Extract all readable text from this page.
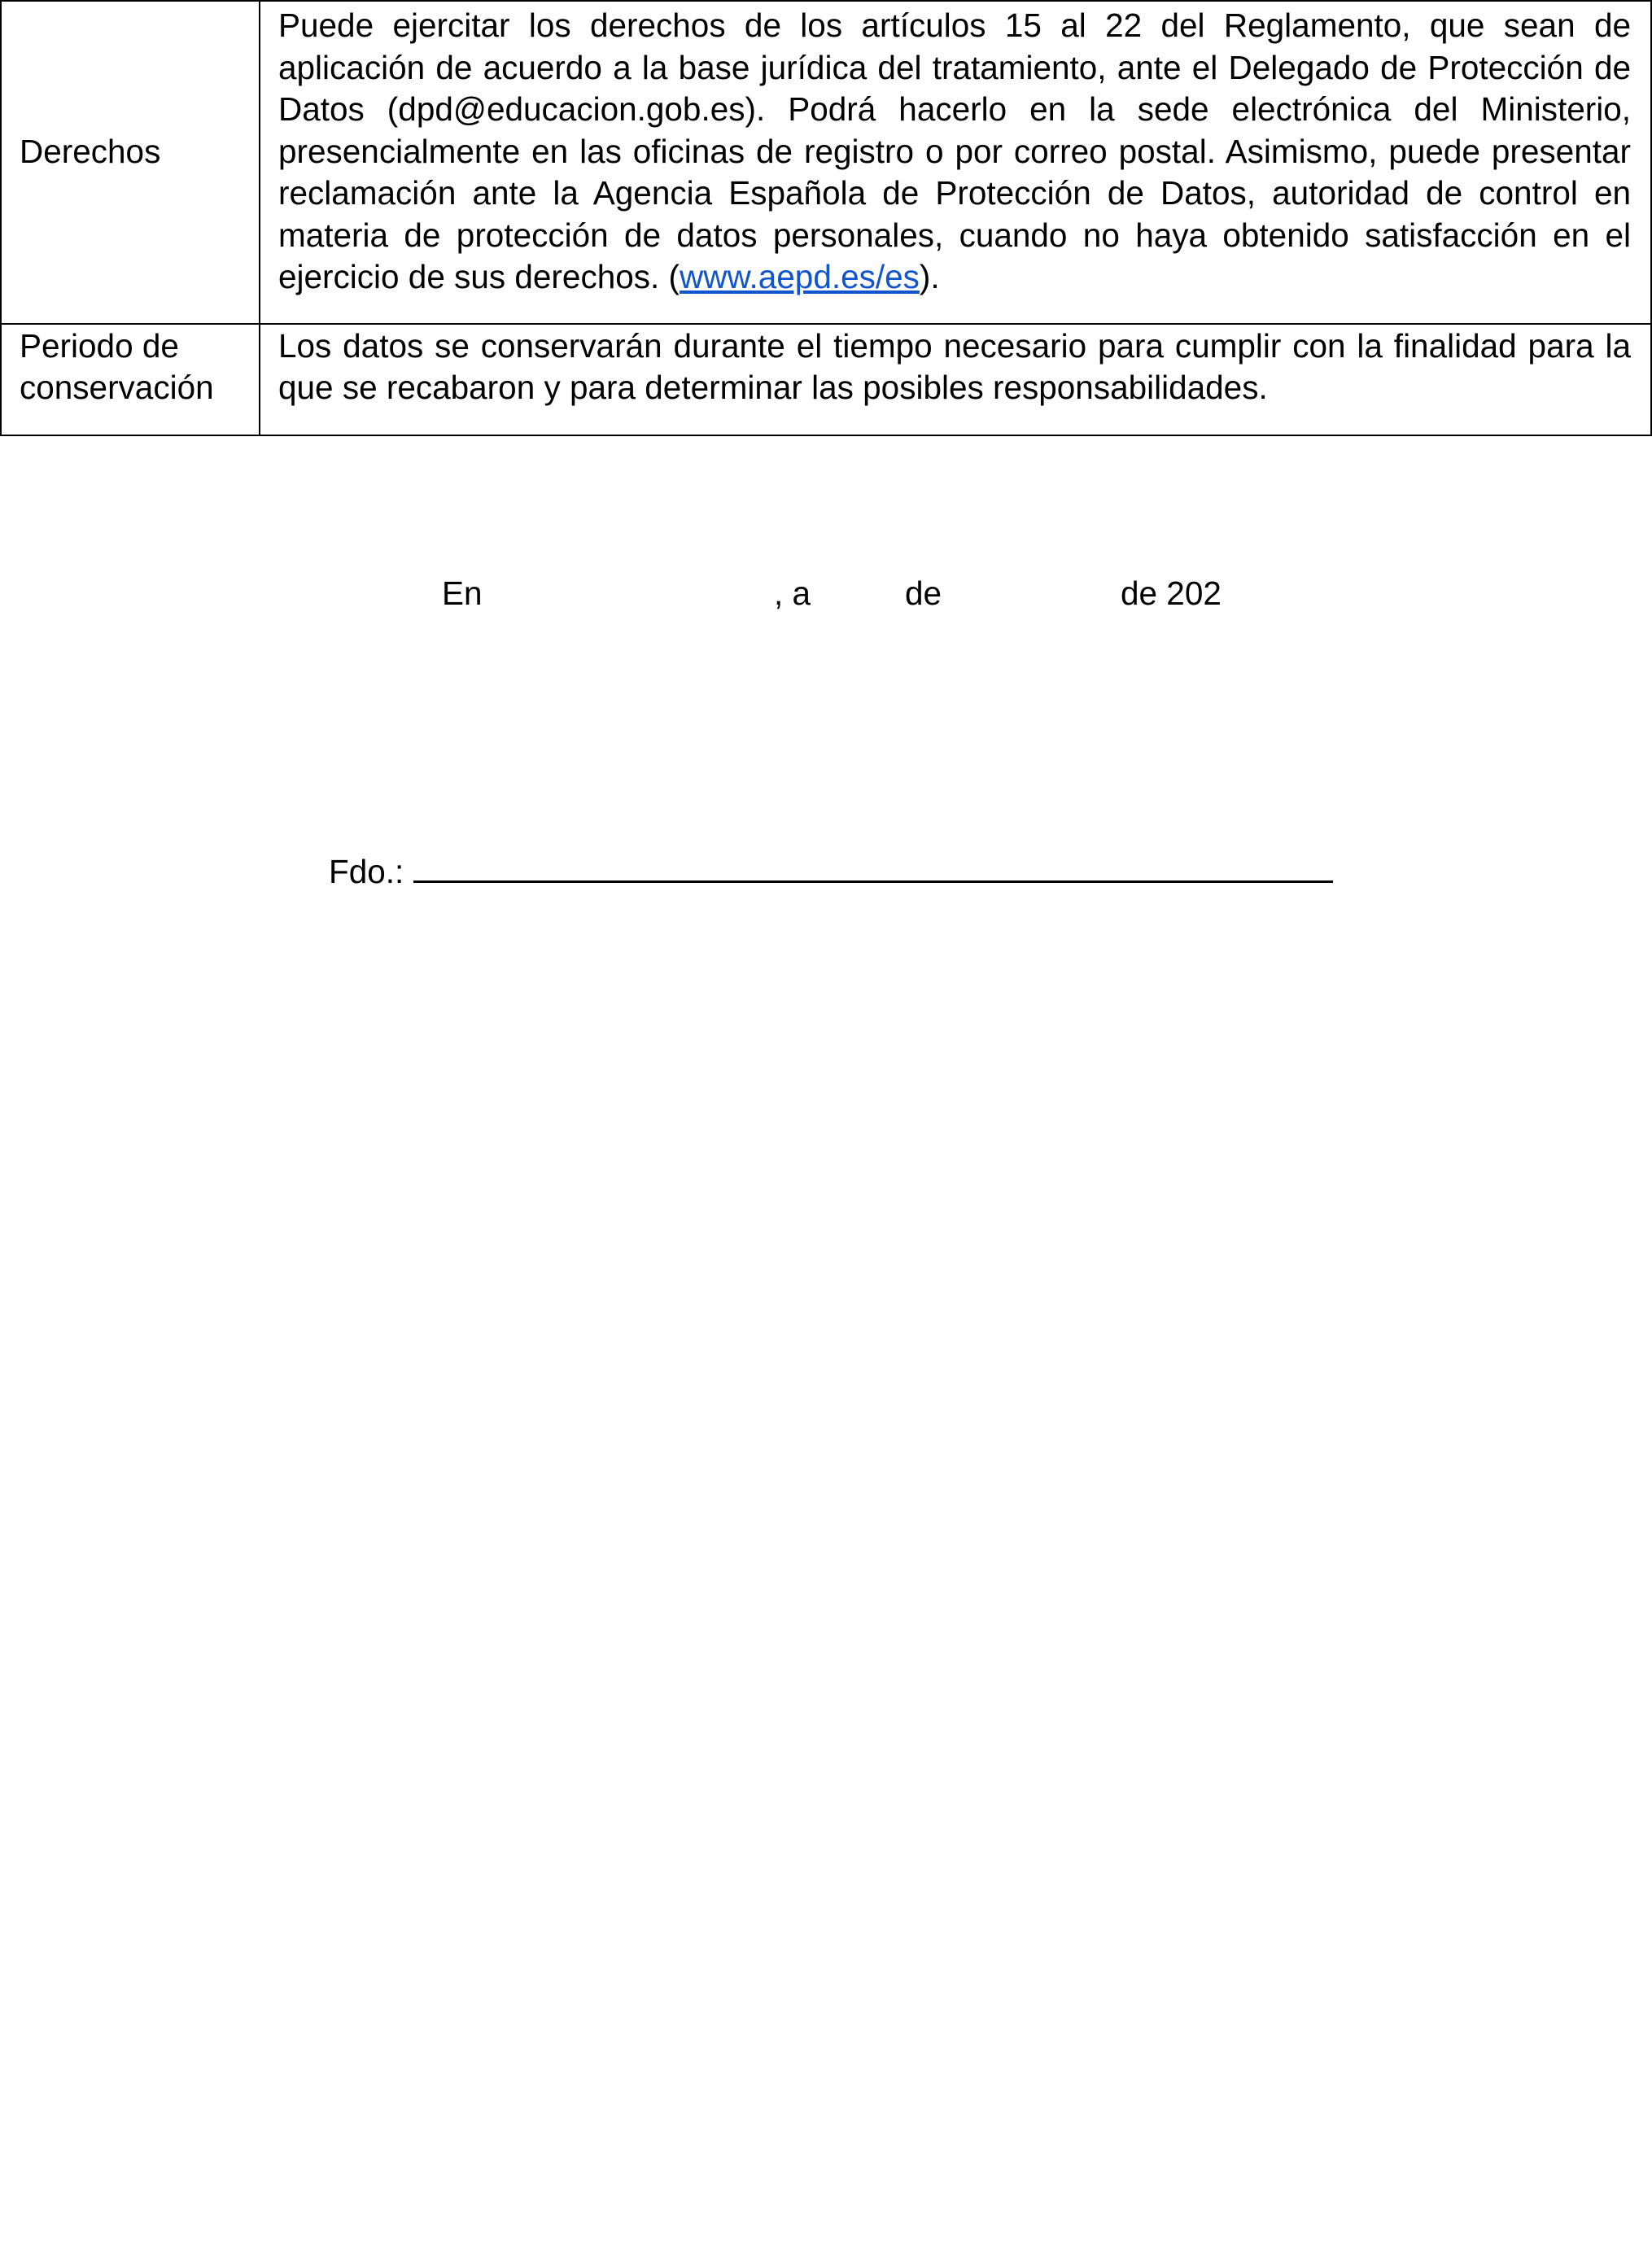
Derechos	Puede ejercitar los derechos de los artículos 15 al 22 del Reglamento, que sean de aplicación de acuerdo a la base jurídica del tratamiento, ante el Delegado de Protección de Datos (dpd@educacion.gob.es). Podrá hacerlo en la sede electrónica del Ministerio, presencialmente en las oficinas de registro o por correo postal. Asimismo, puede presentar reclamación ante la Agencia Española de Protección de Datos, autoridad de control en materia de protección de datos personales, cuando no haya obtenido satisfacción en el ejercicio de sus derechos. (www.aepd.es/es).
Periodo de
conservación	Los datos se conservarán durante el tiempo necesario para cumplir con la finalidad para la que se recabaron y para determinar las posibles responsabilidades.
En	, a	de	de 202
Fdo.:
